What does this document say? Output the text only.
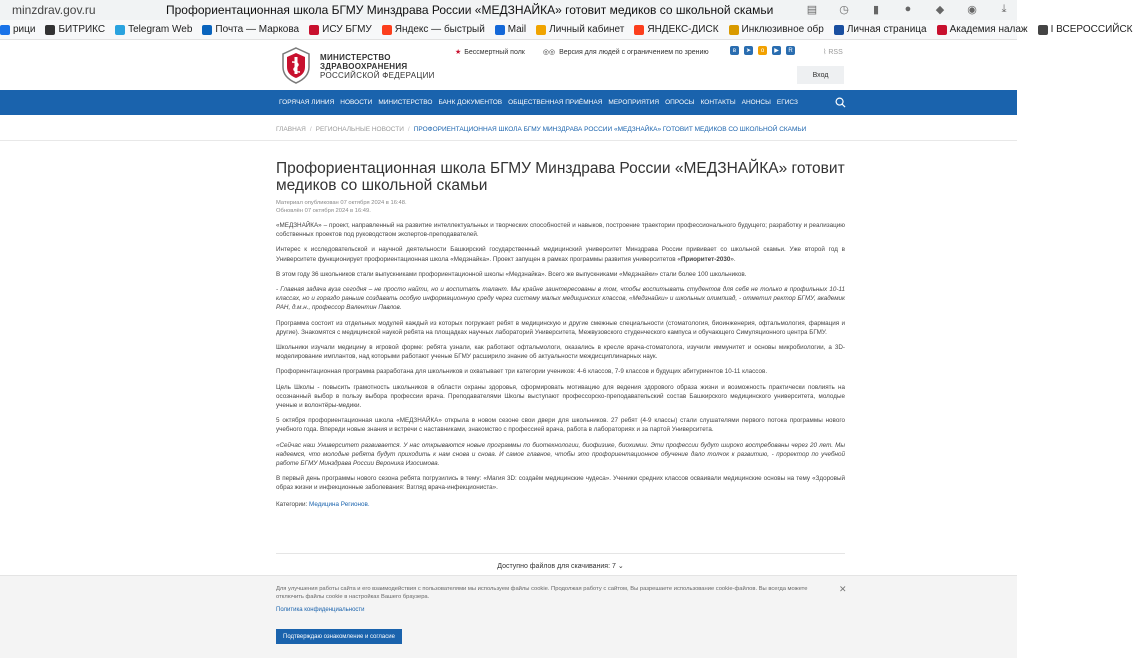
minzdrav.gov.ru	Профориентационная школа БГМУ Минздрава России «МЕДЗНАЙКА» готовит медиков со школьной скамьи	▤ ◷	▮	●	◆ ◉	⤓
рици БИТРИКС Telegram Web Почта — Маркова ИСУ БГМУ Яндекс — быстрый Mail Личный кабинет ЯНДЕКС-ДИСК Инклюзивное обр Личная страница Академия налаж I ВСЕРОССИЙСК
МИНИСТЕРСТВО
ЗДРАВООХРАНЕНИЯ
РОССИЙСКОЙ ФЕДЕРАЦИИ
★ Бессмертный полк	◎◎ Версия для людей с ограничением по зрению	в	➤	о	▶	R	⌇ RSS
Вход
ГОРЯЧАЯ ЛИНИЯ НОВОСТИ МИНИСТЕРСТВО БАНК ДОКУМЕНТОВ ОБЩЕСТВЕННАЯ ПРИЁМНАЯ МЕРОПРИЯТИЯ ОПРОСЫ КОНТАКТЫ АНОНСЫ ЕГИСЗ
ГЛАВНАЯ / РЕГИОНАЛЬНЫЕ НОВОСТИ / ПРОФОРИЕНТАЦИОННАЯ ШКОЛА БГМУ МИНЗДРАВА РОССИИ «МЕДЗНАЙКА» ГОТОВИТ МЕДИКОВ СО ШКОЛЬНОЙ СКАМЬИ
Профориентационная школа БГМУ Минздрава России «МЕДЗНАЙКА» готовит медиков со школьной скамьи
Материал опубликован 07 октября 2024 в 16:48.
Обновлён 07 октября 2024 в 16:49.

«МЕДЗНАЙКА» – проект, направленный на развитие интеллектуальных и творческих способностей и навыков, построение траектории профессионального будущего; разработку и реализацию собственных проектов под руководством экспертов-преподавателей.

Интерес к исследовательской и научной деятельности Башкирский государственный медицинский университет Минздрава России прививает со школьной скамьи. Уже второй год в Университете функционирует профориентационная школа «Медзнайка». Проект запущен в рамках программы развития университетов «Приоритет-2030».

В этом году 36 школьников стали выпускниками профориентационной школы «Медзнайка». Всего же выпускниками «Медзнайки» стали более 100 школьников.

- Главная задача вуза сегодня – не просто найти, но и воспитать талант. Мы крайне заинтересованы в том, чтобы воспитывать студентов для себя не только в профильных 10-11 классах, но и гораздо раньше создавать особую информационную среду через систему малых медицинских классов, «Медзнайки» и школьных олимпиад, - отметил ректор БГМУ, академик РАН, д.м.н., профессор Валентин Павлов.

Программа состоит из отдельных модулей каждый из которых погружает ребят в медицинскую и другие смежные специальности (стоматология, биоинженерия, офтальмология, фармация и другие). Знакомятся с медицинской наукой ребята на площадках научных лабораторий Университета, Межвузовского студенческого кампуса и обучающего Симуляционного центра БГМУ.

Школьники изучали медицину в игровой форме: ребята узнали, как работают офтальмологи, оказались в кресле врача-стоматолога, изучили иммунитет и основы микробиологии, а 3D-моделирование имплантов, над которыми работают ученые БГМУ расширило знание об актуальности междисциплинарных наук.

Профориентационная программа разработана для школьников и охватывает три категории учеников: 4-6 классов, 7-9 классов и будущих абитуриентов 10-11 классов.

Цель Школы - повысить грамотность школьников в области охраны здоровья, сформировать мотивацию для ведения здорового образа жизни и возможность практически повлиять на осознанный выбор в пользу выбора профессии врача. Преподавателями Школы выступают профессорско-преподавательский состав Башкирского медицинского университета, молодые ученые и волонтёры-медики.

5 октября профориентационная школа «МЕДЗНАЙКА» открыла в новом сезоне свои двери для школьников. 27 ребят (4-9 классы) стали слушателями первого потока программы нового учебного года. Впереди новые знания и встречи с наставниками, знакомство с профессией врача, работа в лабораториях и за партой Университета.

«Сейчас наш Университет развивается. У нас открываются новые программы по биотехнологии, биофизике, биохимии. Эти профессии будут широко востребованы через 20 лет. Мы надеемся, что молодые ребята будут приходить к нам снова и снова. И самое главное, чтобы это профориентационное обучение дало толчок к развитию, - проректор по учебной работе БГМУ Минздрава России Вероника Изосимова.

В первый день программы нового сезона ребята погрузились в тему: «Магия 3D: создаём медицинские чудеса». Ученики средних классов осваивали медицинские основы на тему «Здоровый образ жизни и инфекционные заболевания: Взгляд врача-инфекциониста».

Категории: Медицина Регионов.
Доступно файлов для скачивания: 7 ⌄
Для улучшения работы сайта и его взаимодействия с пользователями мы используем файлы cookie. Продолжая работу с сайтом, Вы разрешаете использование cookie-файлов. Вы всегда можете отключить файлы cookie в настройках Вашего браузера.
Политика конфиденциальности
✕
Подтверждаю ознакомление и согласие
